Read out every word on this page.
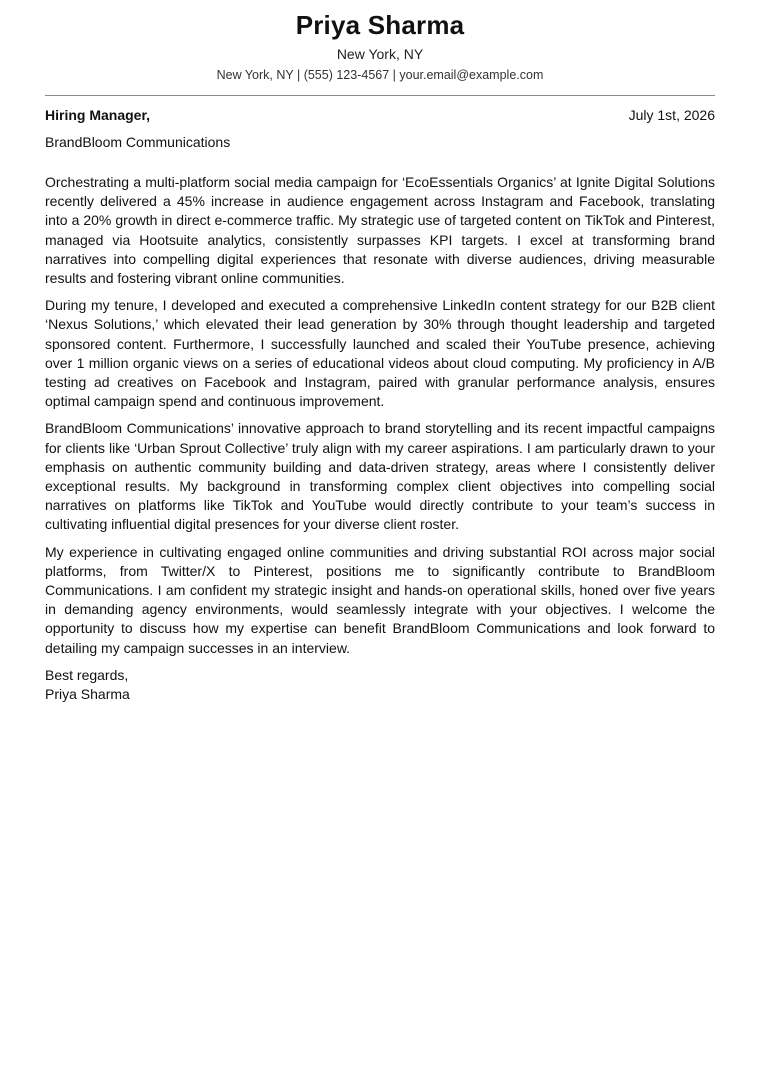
Priya Sharma
New York, NY
New York, NY | (555) 123-4567 | your.email@example.com
Hiring Manager,	July 1st, 2026
BrandBloom Communications

Orchestrating a multi-platform social media campaign for ‘EcoEssentials Organics’ at Ignite Digital Solutions recently delivered a 45% increase in audience engagement across Instagram and Facebook, translating into a 20% growth in direct e-commerce traffic. My strategic use of targeted content on TikTok and Pinterest, managed via Hootsuite analytics, consistently surpasses KPI targets. I excel at transforming brand narratives into compelling digital experiences that resonate with diverse audiences, driving measurable results and fostering vibrant online communities.

During my tenure, I developed and executed a comprehensive LinkedIn content strategy for our B2B client ‘Nexus Solutions,’ which elevated their lead generation by 30% through thought leadership and targeted sponsored content. Furthermore, I successfully launched and scaled their YouTube presence, achieving over 1 million organic views on a series of educational videos about cloud computing. My proficiency in A/B testing ad creatives on Facebook and Instagram, paired with granular performance analysis, ensures optimal campaign spend and continuous improvement.

BrandBloom Communications’ innovative approach to brand storytelling and its recent impactful campaigns for clients like ‘Urban Sprout Collective’ truly align with my career aspirations. I am particularly drawn to your emphasis on authentic community building and data-driven strategy, areas where I consistently deliver exceptional results. My background in transforming complex client objectives into compelling social narratives on platforms like TikTok and YouTube would directly contribute to your team’s success in cultivating influential digital presences for your diverse client roster.

My experience in cultivating engaged online communities and driving substantial ROI across major social platforms, from Twitter/X to Pinterest, positions me to significantly contribute to BrandBloom Communications. I am confident my strategic insight and hands-on operational skills, honed over five years in demanding agency environments, would seamlessly integrate with your objectives. I welcome the opportunity to discuss how my expertise can benefit BrandBloom Communications and look forward to detailing my campaign successes in an interview.

Best regards,
Priya Sharma
